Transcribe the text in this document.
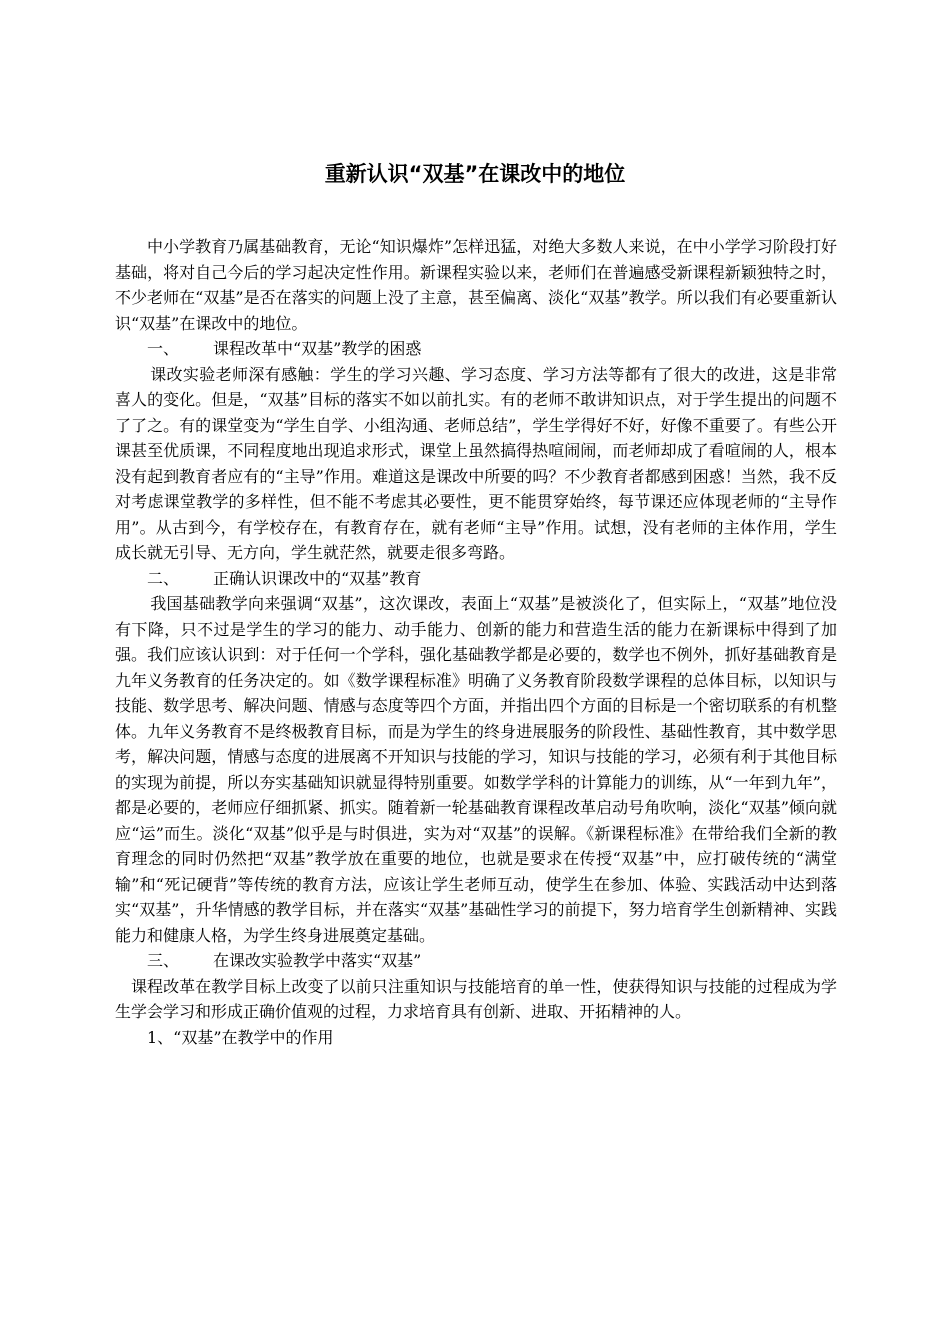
重新认识“双基”在课改中的地位

中小学教育乃属基础教育，无论“知识爆炸”怎样迅猛，对绝大多数人来说，在中小学学习阶段打好基础，将对自己今后的学习起决定性作用。新课程实验以来，老师们在普遍感受新课程新颖独特之时，不少老师在“双基”是否在落实的问题上没了主意，甚至偏离、淡化“双基”教学。所以我们有必要重新认识“双基”在课改中的地位。

一、 课程改革中“双基”教学的困惑

课改实验老师深有感触：学生的学习兴趣、学习态度、学习方法等都有了很大的改进，这是非常喜人的变化。但是，“双基”目标的落实不如以前扎实。有的老师不敢讲知识点，对于学生提出的问题不了了之。有的课堂变为“学生自学、小组沟通、老师总结”，学生学得好不好，好像不重要了。有些公开课甚至优质课，不同程度地出现追求形式，课堂上虽然搞得热喧闹闹，而老师却成了看喧闹的人，根本没有起到教育者应有的“主导”作用。难道这是课改中所要的吗？不少教育者都感到困惑！当然，我不反对考虑课堂教学的多样性，但不能不考虑其必要性，更不能贯穿始终，每节课还应体现老师的“主导作用”。从古到今，有学校存在，有教育存在，就有老师“主导”作用。试想，没有老师的主体作用，学生成长就无引导、无方向，学生就茫然，就要走很多弯路。

二、 正确认识课改中的“双基”教育

我国基础教学向来强调“双基”，这次课改，表面上“双基”是被淡化了，但实际上，“双基”地位没有下降，只不过是学生的学习的能力、动手能力、创新的能力和营造生活的能力在新课标中得到了加强。我们应该认识到：对于任何一个学科，强化基础教学都是必要的，数学也不例外，抓好基础教育是九年义务教育的任务决定的。如《数学课程标准》明确了义务教育阶段数学课程的总体目标，以知识与技能、数学思考、解决问题、情感与态度等四个方面，并指出四个方面的目标是一个密切联系的有机整体。九年义务教育不是终极教育目标，而是为学生的终身进展服务的阶段性、基础性教育，其中数学思考，解决问题，情感与态度的进展离不开知识与技能的学习，知识与技能的学习，必须有利于其他目标的实现为前提，所以夯实基础知识就显得特别重要。如数学学科的计算能力的训练，从“一年到九年”，都是必要的，老师应仔细抓紧、抓实。随着新一轮基础教育课程改革启动号角吹响，淡化“双基”倾向就应“运”而生。淡化“双基”似乎是与时俱进，实为对“双基”的误解。《新课程标准》在带给我们全新的教育理念的同时仍然把“双基”教学放在重要的地位，也就是要求在传授“双基”中，应打破传统的“满堂输”和“死记硬背”等传统的教育方法，应该让学生老师互动，使学生在参加、体验、实践活动中达到落实“双基”，升华情感的教学目标，并在落实“双基”基础性学习的前提下，努力培育学生创新精神、实践能力和健康人格，为学生终身进展奠定基础。

三、 在课改实验教学中落实“双基”

课程改革在教学目标上改变了以前只注重知识与技能培育的单一性，使获得知识与技能的过程成为学生学会学习和形成正确价值观的过程，力求培育具有创新、进取、开拓精神的人。

1、“双基”在教学中的作用
